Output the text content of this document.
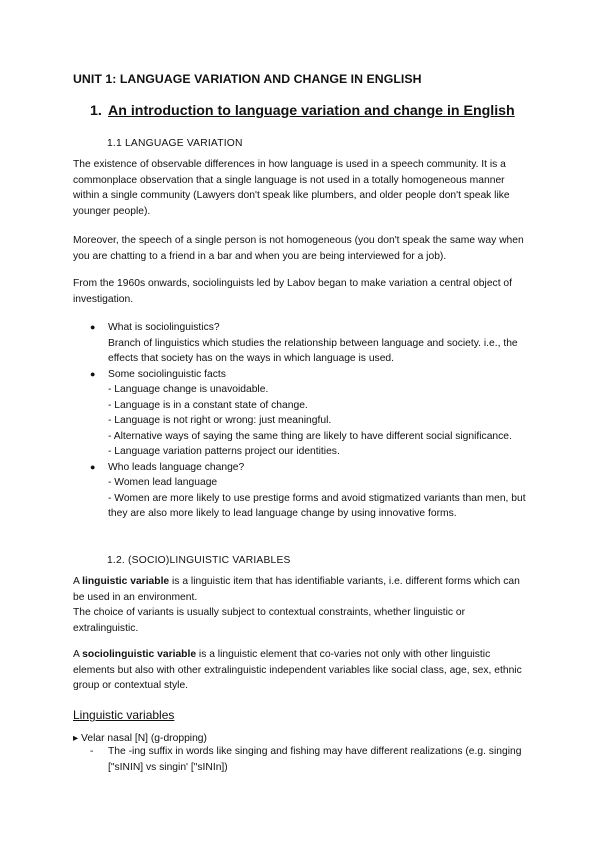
UNIT 1: LANGUAGE VARIATION AND CHANGE IN ENGLISH

1. An introduction to language variation and change in English

1.1 LANGUAGE VARIATION

The existence of observable differences in how language is used in a speech community. It is a commonplace observation that a single language is not used in a totally homogeneous manner within a single community (Lawyers don't speak like plumbers, and older people don't speak like younger people).

Moreover, the speech of a single person is not homogeneous (you don't speak the same way when you are chatting to a friend in a bar and when you are being interviewed for a job).

From the 1960s onwards, sociolinguists led by Labov began to make variation a central object of investigation.

● What is sociolinguistics?
Branch of linguistics which studies the relationship between language and society. i.e., the effects that society has on the ways in which language is used.
● Some sociolinguistic facts
- Language change is unavoidable.
- Language is in a constant state of change.
- Language is not right or wrong: just meaningful.
- Alternative ways of saying the same thing are likely to have different social significance.
- Language variation patterns project our identities.
● Who leads language change?
- Women lead language
- Women are more likely to use prestige forms and avoid stigmatized variants than men, but they are also more likely to lead language change by using innovative forms.

1.2. (SOCIO)LINGUISTIC VARIABLES

A linguistic variable is a linguistic item that has identifiable variants, i.e. different forms which can be used in an environment.
The choice of variants is usually subject to contextual constraints, whether linguistic or extralinguistic.
A sociolinguistic variable is a linguistic element that co-varies not only with other linguistic elements but also with other extralinguistic independent variables like social class, age, sex, ethnic group or contextual style.

Linguistic variables

▸ Velar nasal [N] (g-dropping)

- The -ing suffix in words like singing and fishing may have different realizations (e.g. singing ["sININ] vs singin' ["sINIn])
